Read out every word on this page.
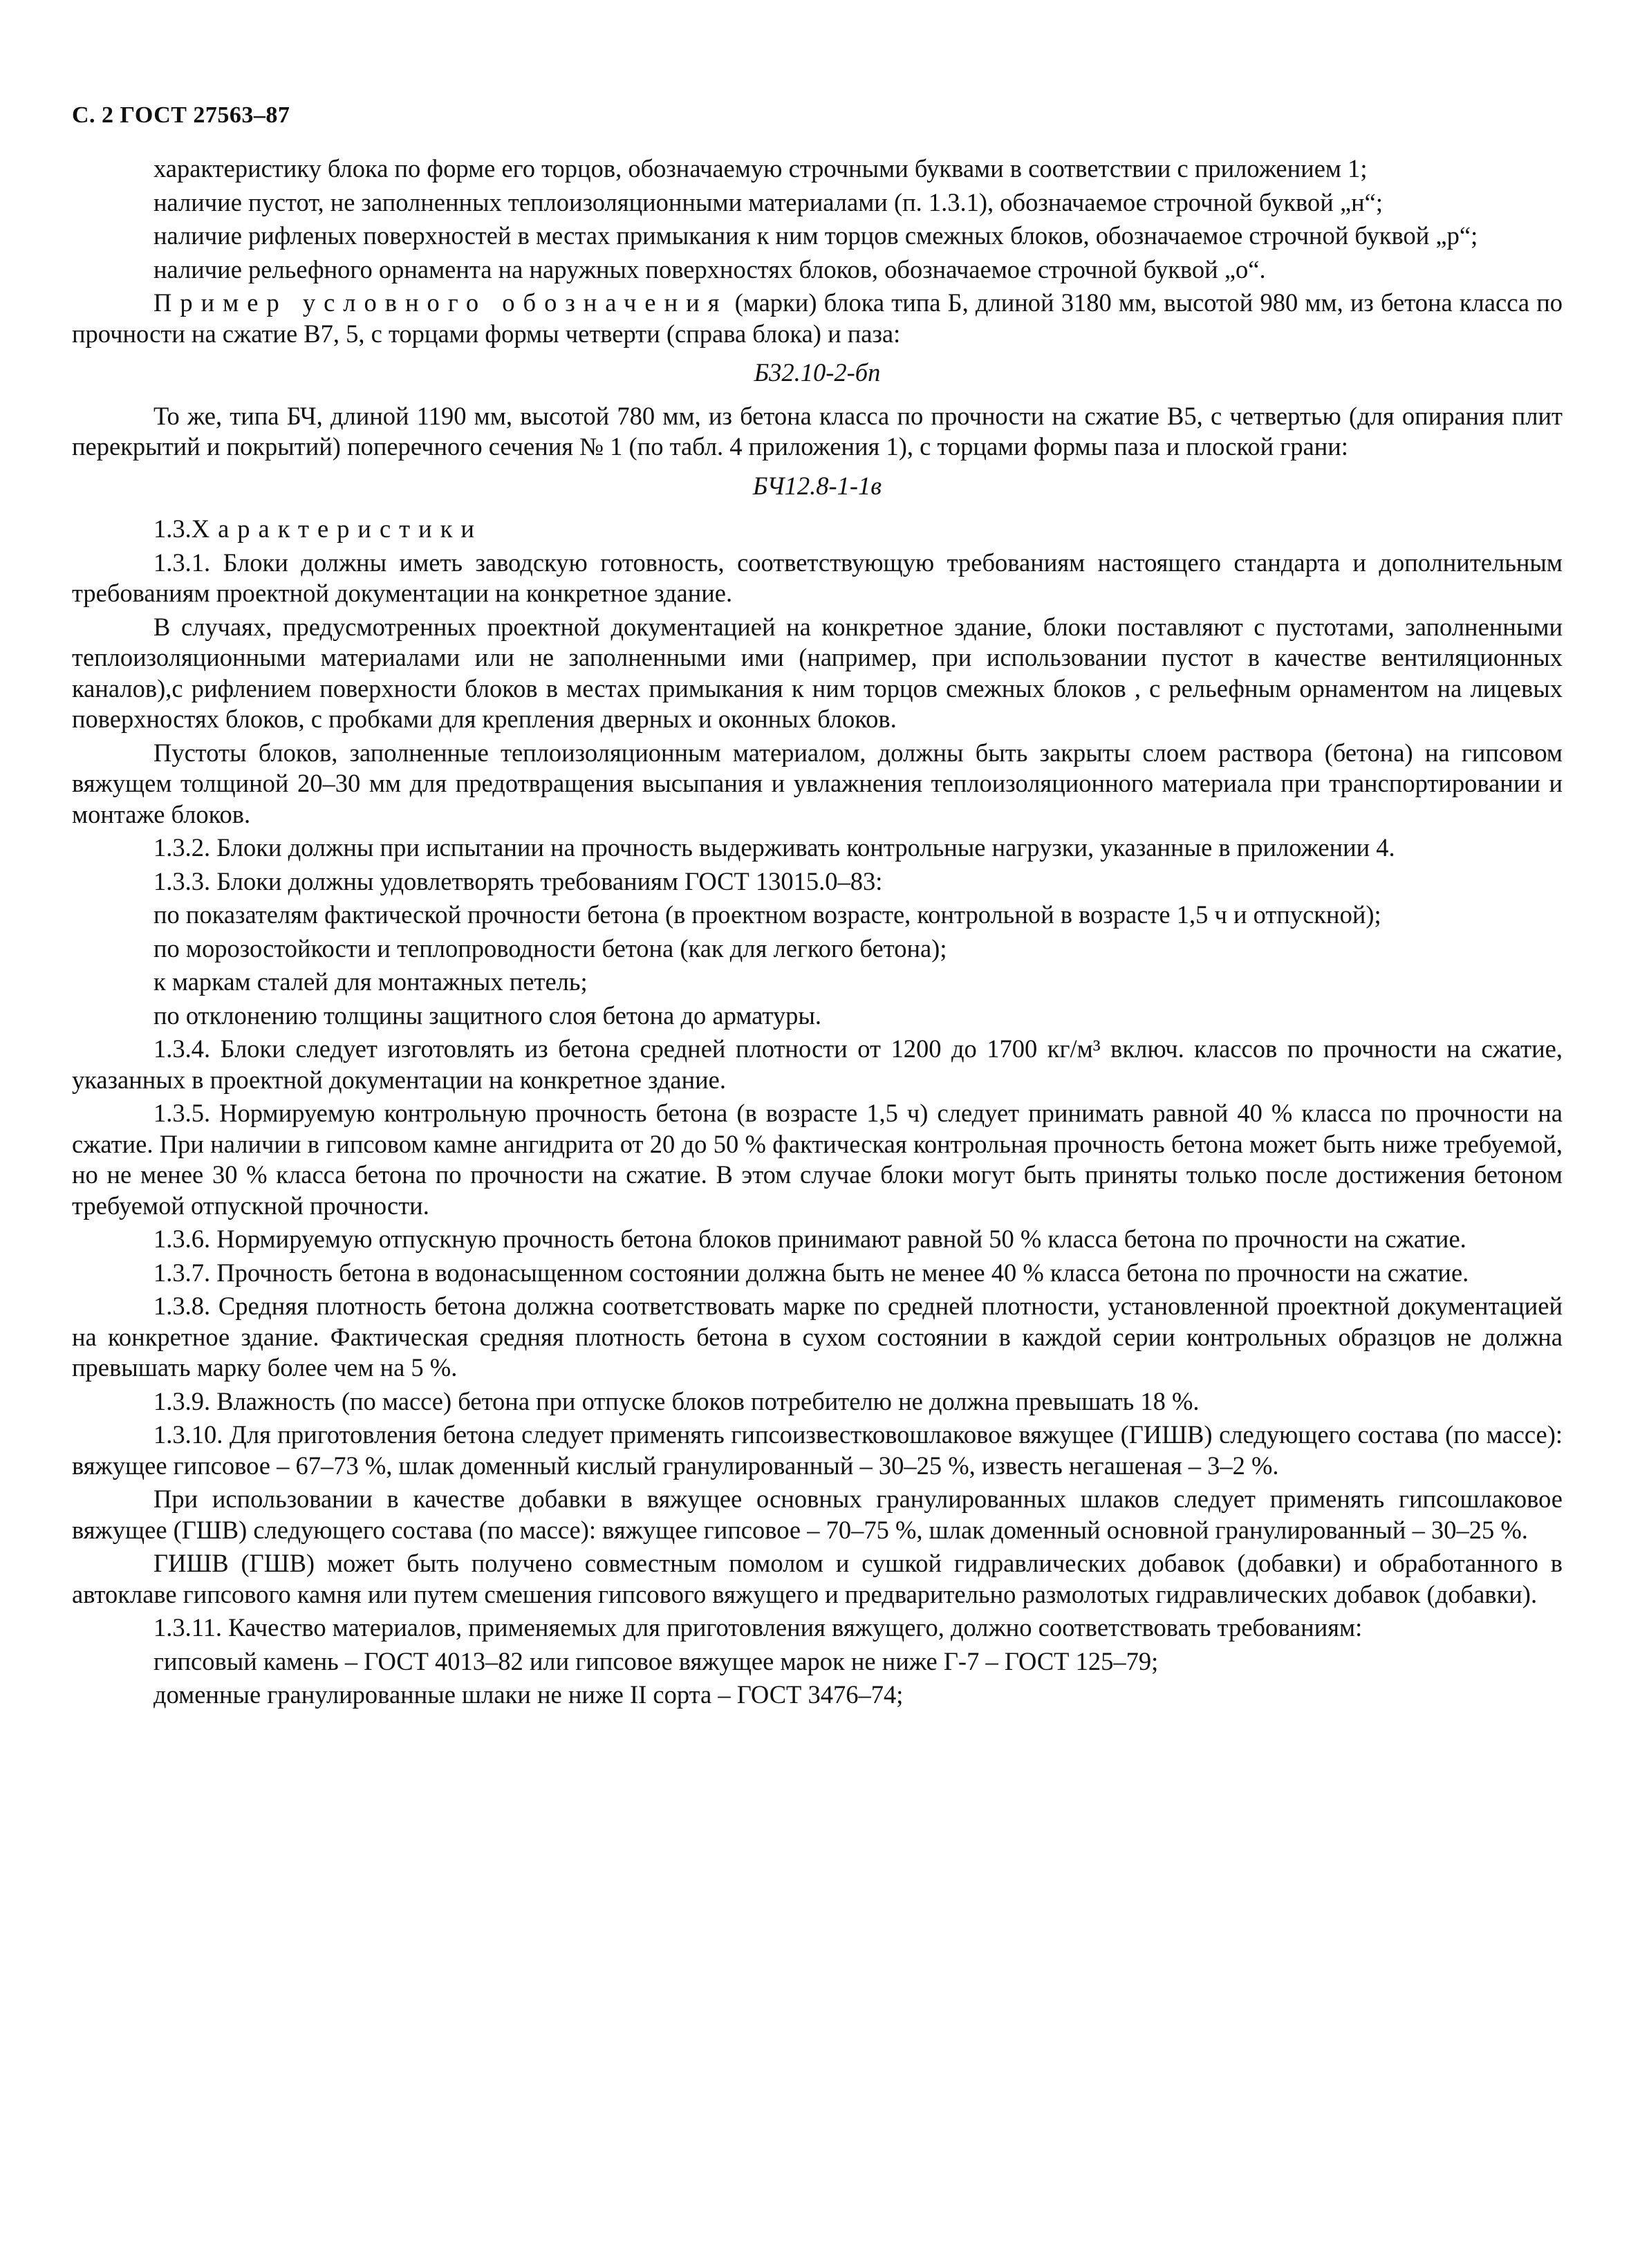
С. 2 ГОСТ 27563–87

характеристику блока по форме его торцов, обозначаемую строчными буквами в соответствии с приложением 1;

наличие пустот, не заполненных теплоизоляционными материалами (п. 1.3.1), обозначаемое строчной буквой „н“;

наличие рифленых поверхностей в местах примыкания к ним торцов смежных блоков, обозначаемое строчной буквой „р“;

наличие рельефного орнамента на наружных поверхностях блоков, обозначаемое строчной буквой „о“.

Пример условного обозначения (марки) блока типа Б, длиной 3180 мм, высотой 980 мм, из бетона класса по прочности на сжатие В7, 5, с торцами формы четверти (справа блока) и паза:

Б32.10-2-бп

То же, типа БЧ, длиной 1190 мм, высотой 780 мм, из бетона класса по прочности на сжатие В5, с четвертью (для опирания плит перекрытий и покрытий) поперечного сечения № 1 (по табл. 4 приложения 1), с торцами формы паза и плоской грани:

БЧ12.8-1-1в

1.3.Характеристики

1.3.1. Блоки должны иметь заводскую готовность, соответствующую требованиям настоящего стандарта и дополнительным требованиям проектной документации на конкретное здание.

В случаях, предусмотренных проектной документацией на конкретное здание, блоки поставляют с пустотами, заполненными теплоизоляционными материалами или не заполненными ими (например, при использовании пустот в качестве вентиляционных каналов),с рифлением поверхности блоков в местах примыкания к ним торцов смежных блоков , с рельефным орнаментом на лицевых поверхностях блоков, с пробками для крепления дверных и оконных блоков.

Пустоты блоков, заполненные теплоизоляционным материалом, должны быть закрыты слоем раствора (бетона) на гипсовом вяжущем толщиной 20–30 мм для предотвращения высыпания и увлажнения теплоизоляционного материала при транспортировании и монтаже блоков.

1.3.2. Блоки должны при испытании на прочность выдерживать контрольные нагрузки, указанные в приложении 4.

1.3.3. Блоки должны удовлетворять требованиям ГОСТ 13015.0–83:

по показателям фактической прочности бетона (в проектном возрасте, контрольной в возрасте 1,5 ч и отпускной);

по морозостойкости и теплопроводности бетона (как для легкого бетона);

к маркам сталей для монтажных петель;

по отклонению толщины защитного слоя бетона до арматуры.

1.3.4. Блоки следует изготовлять из бетона средней плотности от 1200 до 1700 кг/м³ включ. классов по прочности на сжатие, указанных в проектной документации на конкретное здание.

1.3.5. Нормируемую контрольную прочность бетона (в возрасте 1,5 ч) следует принимать равной 40 % класса по прочности на сжатие. При наличии в гипсовом камне ангидрита от 20 до 50 % фактическая контрольная прочность бетона может быть ниже требуемой, но не менее 30 % класса бетона по прочности на сжатие. В этом случае блоки могут быть приняты только после достижения бетоном требуемой отпускной прочности.

1.3.6. Нормируемую отпускную прочность бетона блоков принимают равной 50 % класса бетона по прочности на сжатие.

1.3.7. Прочность бетона в водонасыщенном состоянии должна быть не менее 40 % класса бетона по прочности на сжатие.

1.3.8. Средняя плотность бетона должна соответствовать марке по средней плотности, установленной проектной документацией на конкретное здание. Фактическая средняя плотность бетона в сухом состоянии в каждой серии контрольных образцов не должна превышать марку более чем на 5 %.

1.3.9. Влажность (по массе) бетона при отпуске блоков потребителю не должна превышать 18 %.

1.3.10. Для приготовления бетона следует применять гипсоизвестковошлаковое вяжущее (ГИШВ) следующего состава (по массе): вяжущее гипсовое – 67–73 %, шлак доменный кислый гранулированный – 30–25 %, известь негашеная – 3–2 %.

При использовании в качестве добавки в вяжущее основных гранулированных шлаков следует применять гипсошлаковое вяжущее (ГШВ) следующего состава (по массе): вяжущее гипсовое – 70–75 %, шлак доменный основной гранулированный – 30–25 %.

ГИШВ (ГШВ) может быть получено совместным помолом и сушкой гидравлических добавок (добавки) и обработанного в автоклаве гипсового камня или путем смешения гипсового вяжущего и предварительно размолотых гидравлических добавок (добавки).

1.3.11. Качество материалов, применяемых для приготовления вяжущего, должно соответствовать требованиям:

гипсовый камень – ГОСТ 4013–82 или гипсовое вяжущее марок не ниже Г-7 – ГОСТ 125–79;

доменные гранулированные шлаки не ниже II сорта – ГОСТ 3476–74;
